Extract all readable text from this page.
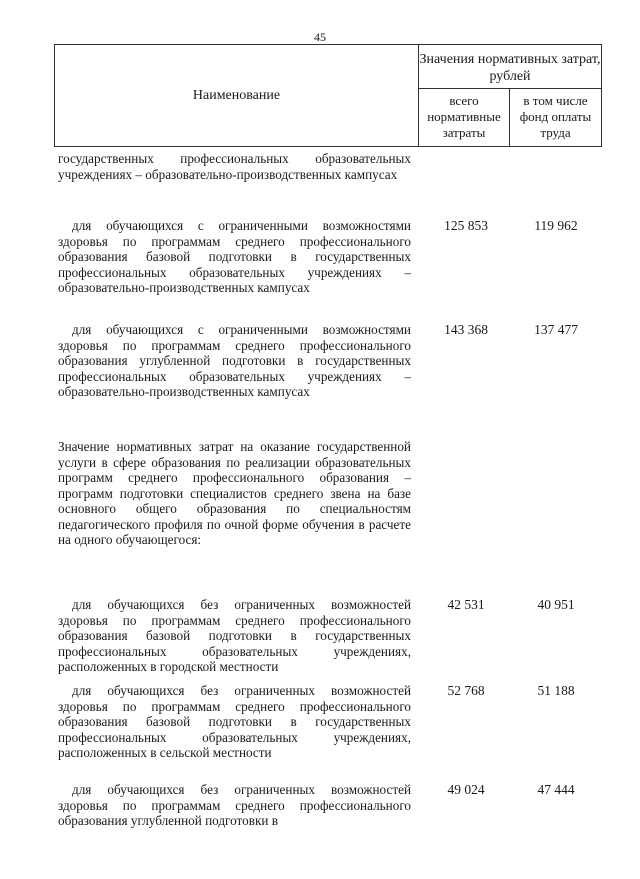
45
Наименование
Значения нормативных затрат, рублей
всего нормативные затраты
в том числе фонд оплаты труда
государственных профессиональных образовательных учреждениях – образовательно-производственных кампусах
для обучающихся с ограниченными возможностями здоровья по программам среднего профессионального образования базовой подготовки в государственных профессиональных образовательных учреждениях – образовательно-производственных кампусах
125 853	119 962
для обучающихся с ограниченными возможностями здоровья по программам среднего профессионального образования углубленной подготовки в государственных профессиональных образовательных учреждениях – образовательно-производственных кампусах
143 368	137 477
Значение нормативных затрат на оказание государственной услуги в сфере образования по реализации образовательных программ среднего профессионального образования – программ подготовки специалистов среднего звена на базе основного общего образования по специальностям педагогического профиля по очной форме обучения в расчете на одного обучающегося:
для обучающихся без ограниченных возможностей здоровья по программам среднего профессионального образования базовой подготовки в государственных профессиональных образовательных учреждениях, расположенных в городской местности
42 531	40 951
для обучающихся без ограниченных возможностей здоровья по программам среднего профессионального образования базовой подготовки в государственных профессиональных образовательных учреждениях, расположенных в сельской местности
52 768	51 188
для обучающихся без ограниченных возможностей здоровья по программам среднего профессионального образования углубленной подготовки в
49 024	47 444
